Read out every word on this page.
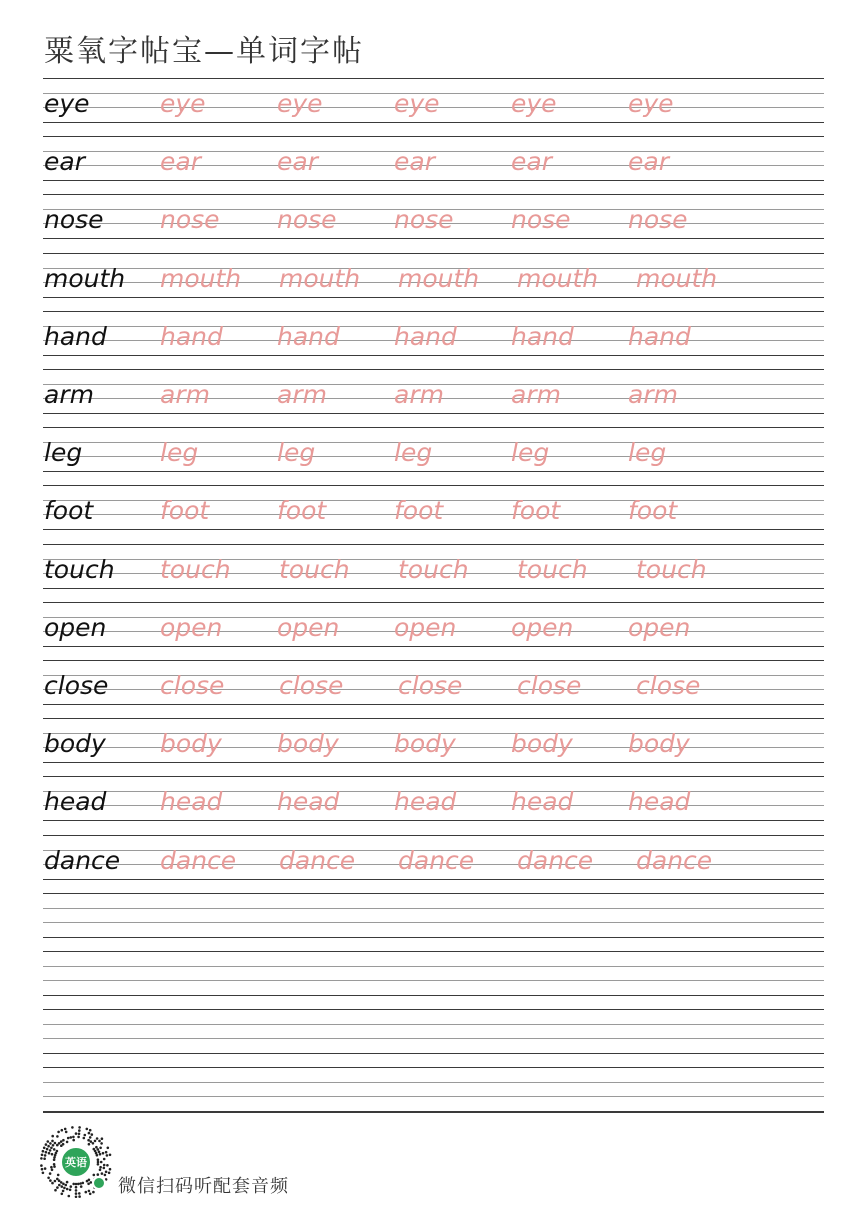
粟氧字帖宝—单词字帖
eye	eye	eye	eye	eye	eye
ear	ear	ear	ear	ear	ear
nose nose nose nose nose nose
mouth mouth mouth mouth mouth mouth
hand hand hand hand hand hand
arm	arm	arm	arm	arm	arm
leg	leg	leg	leg	leg	leg
foot	foot	foot	foot	foot	foot
touch touch touch touch touch touch
open open open open open open
close close close close close close
body body body body body body
head head head head head head
dance dance dance dance dance dance
英语
微信扫码听配套音频
